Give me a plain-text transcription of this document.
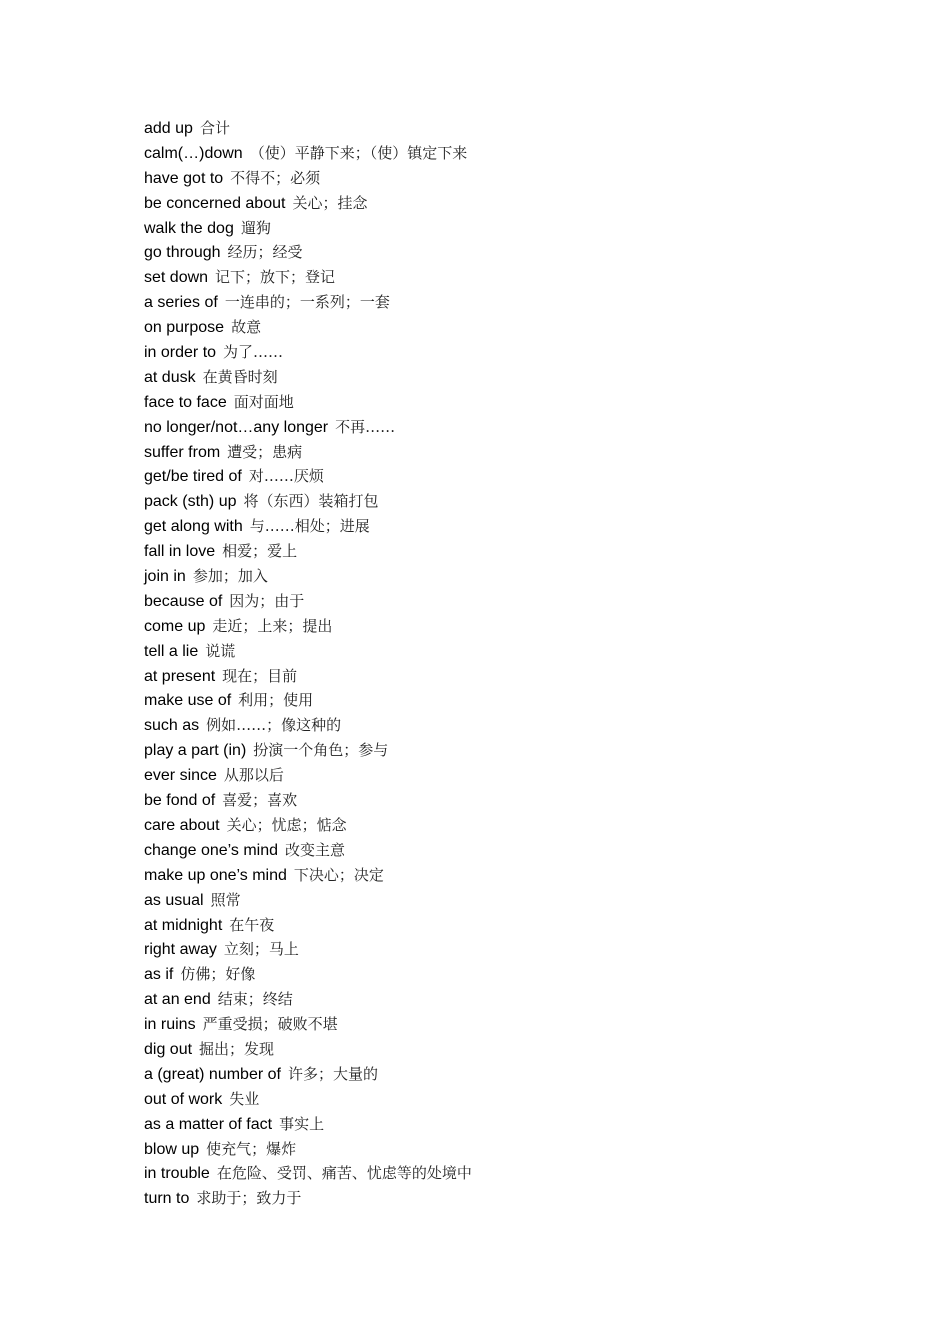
add up 合计
calm(…)down （使）平静下来；（使）镇定下来
have got to 不得不；必须
be concerned about 关心；挂念
walk the dog 遛狗
go through 经历；经受
set down 记下；放下；登记
a series of 一连串的；一系列；一套
on purpose 故意
in order to 为了……
at dusk 在黄昏时刻
face to face 面对面地
no longer/not…any longer 不再……
suffer from 遭受；患病
get/be tired of 对……厌烦
pack (sth) up 将（东西）装箱打包
get along with 与……相处；进展
fall in love 相爱；爱上
join in 参加；加入
because of 因为；由于
come up 走近；上来；提出
tell a lie 说谎
at present 现在；目前
make use of 利用；使用
such as 例如……；像这种的
play a part (in) 扮演一个角色；参与
ever since 从那以后
be fond of 喜爱；喜欢
care about 关心；忧虑；惦念
change one’s mind 改变主意
make up one’s mind 下决心；决定
as usual 照常
at midnight 在午夜
right away 立刻；马上
as if 仿佛；好像
at an end 结束；终结
in ruins 严重受损；破败不堪
dig out 掘出；发现
a (great) number of 许多；大量的
out of work 失业
as a matter of fact 事实上
blow up 使充气；爆炸
in trouble 在危险、受罚、痛苦、忧虑等的处境中
turn to 求助于；致力于
